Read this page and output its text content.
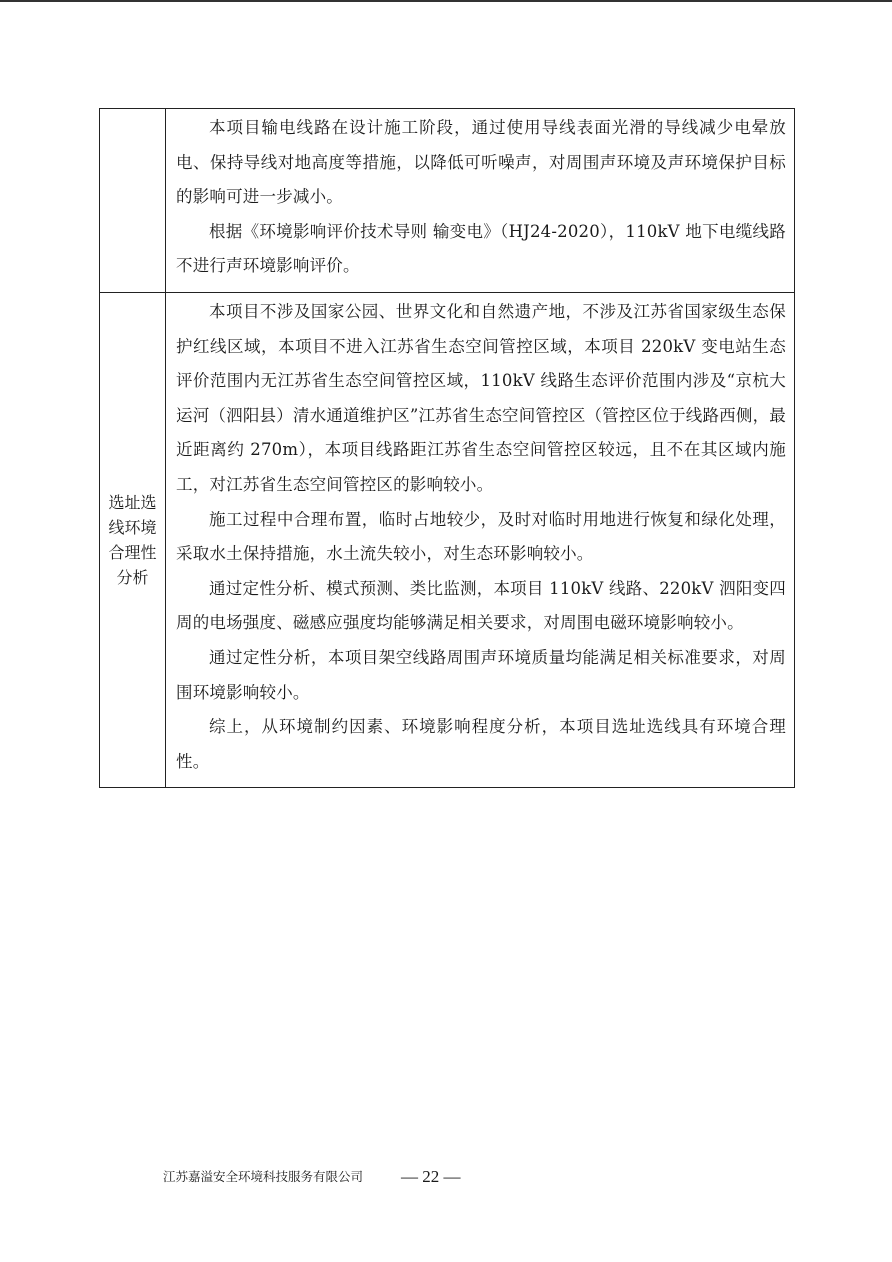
	本项目输电线路在设计施工阶段，通过使用导线表面光滑的导线减少电晕放电、保持导线对地高度等措施，以降低可听噪声，对周围声环境及声环境保护目标的影响可进一步减小。

根据《环境影响评价技术导则 输变电》（HJ24-2020），110kV 地下电缆线路不进行声环境影响评价。

选址选线环境合理性分析	本项目不涉及国家公园、世界文化和自然遗产地，不涉及江苏省国家级生态保护红线区域，本项目不进入江苏省生态空间管控区域，本项目 220kV 变电站生态评价范围内无江苏省生态空间管控区域，110kV 线路生态评价范围内涉及“京杭大运河（泗阳县）清水通道维护区”江苏省生态空间管控区（管控区位于线路西侧，最近距离约 270m），本项目线路距江苏省生态空间管控区较远，且不在其区域内施工，对江苏省生态空间管控区的影响较小。

施工过程中合理布置，临时占地较少，及时对临时用地进行恢复和绿化处理，采取水土保持措施，水土流失较小，对生态环影响较小。

通过定性分析、模式预测、类比监测，本项目 110kV 线路、220kV 泗阳变四周的电场强度、磁感应强度均能够满足相关要求，对周围电磁环境影响较小。

通过定性分析，本项目架空线路周围声环境质量均能满足相关标准要求，对周围环境影响较小。

综上，从环境制约因素、环境影响程度分析，本项目选址选线具有环境合理性。

江苏嘉溢安全环境科技服务有限公司 — 22 —
